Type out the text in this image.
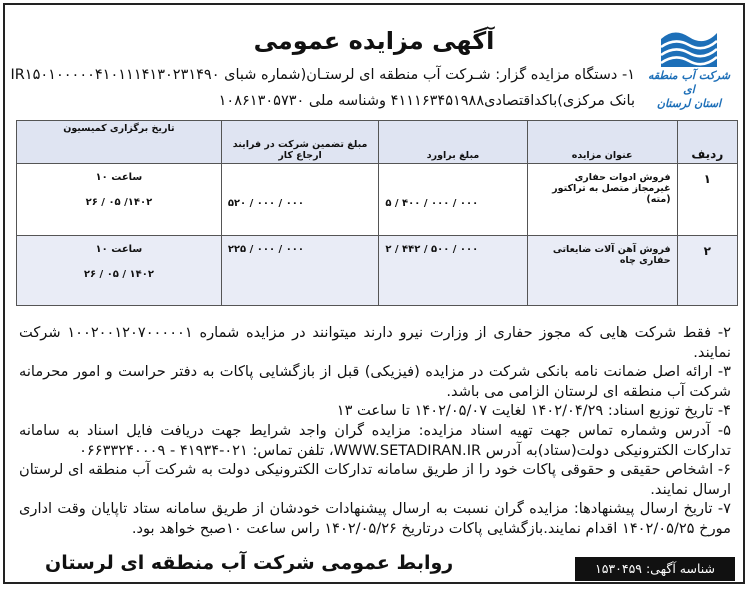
شرکت آب منطقه ای
استان لرستان
آگهی مزایده عمومی
۱- دستگاه مزایده گزار: شـرکت آب منطقه ای لرستـان(شماره شبای IR۱۵۰۱۰۰۰۰۰۴۱۰۱۱۱۴۱۳۰۲۳۱۴۹۰
بانک مرکزی)باکداقتصادی۴۱۱۱۶۳۴۵۱۹۸۸ وشناسه ملی ۱۰۸۶۱۳۰۵۷۳۰
ردیف	عنوان مزایده	مبلغ براورد	مبلغ تضمین شرکت در فرایند ارجاع کار	تاریخ برگزاری کمیسیون
۱	فروش ادوات حفاری غیرمجاز متصل به تراکتور (مته)	۰۰۰ / ۰۰۰ / ۴۰۰ / ۵	۰۰۰ / ۰۰۰ / ۵۲۰	ساعت ۱۰
۱۴۰۲/ ۰۵ / ۲۶

۲	فروش آهن آلات ضایعاتی حفاری چاه	۰۰۰ / ۵۰۰ / ۴۴۲ / ۲	۰۰۰ / ۰۰۰ / ۲۲۵	ساعت ۱۰
۱۴۰۲ / ۰۵ / ۲۶

۲- فقط شرکت هایی که مجوز حفاری از وزارت نیرو دارند میتوانند در مزایده شماره ۱۰۰۲۰۰۱۲۰۷۰۰۰۰۰۱ شرکت نمایند.

۳- ارائه اصل ضمانت نامه بانکی شرکت در مزایده (فیزیکی) قبل از بازگشایی پاکات به دفتر حراست و امور محرمانه شرکت آب منطقه ای لرستان الزامی می باشد.

۴- تاریخ توزیع اسناد: ۱۴۰۲/۰۴/۲۹ لغایت ۱۴۰۲/۰۵/۰۷ تا ساعت ۱۳

۵- آدرس وشماره تماس جهت تهیه اسناد مزایده: مزایده گران واجد شرایط جهت دریافت فایل اسناد به سامانه تدارکات الکترونیکی دولت(ستاد)به آدرس WWW.SETADIRAN.IR، تلفن تماس: ۰۲۱-۴۱۹۳۴ - ۰۶۶۳۳۲۴۰۰۰۹

۶- اشخاص حقیقی و حقوقی پاکات خود را از طریق سامانه تدارکات الکترونیکی دولت به شرکت آب منطقه ای لرستان ارسال نمایند.

۷- تاریخ ارسال پیشنهادها: مزایده گران نسبت به ارسال پیشنهادات خودشان از طریق سامانه ستاد تاپایان وقت اداری مورخ ۱۴۰۲/۰۵/۲۵ اقدام نمایند.بازگشایی پاکات درتاریخ ۱۴۰۲/۰۵/۲۶ راس ساعت ۱۰صبح خواهد بود.

روابط عمومی شرکت آب منطقه ای لرستان	شناسه آگهی: ۱۵۳۰۴۵۹
